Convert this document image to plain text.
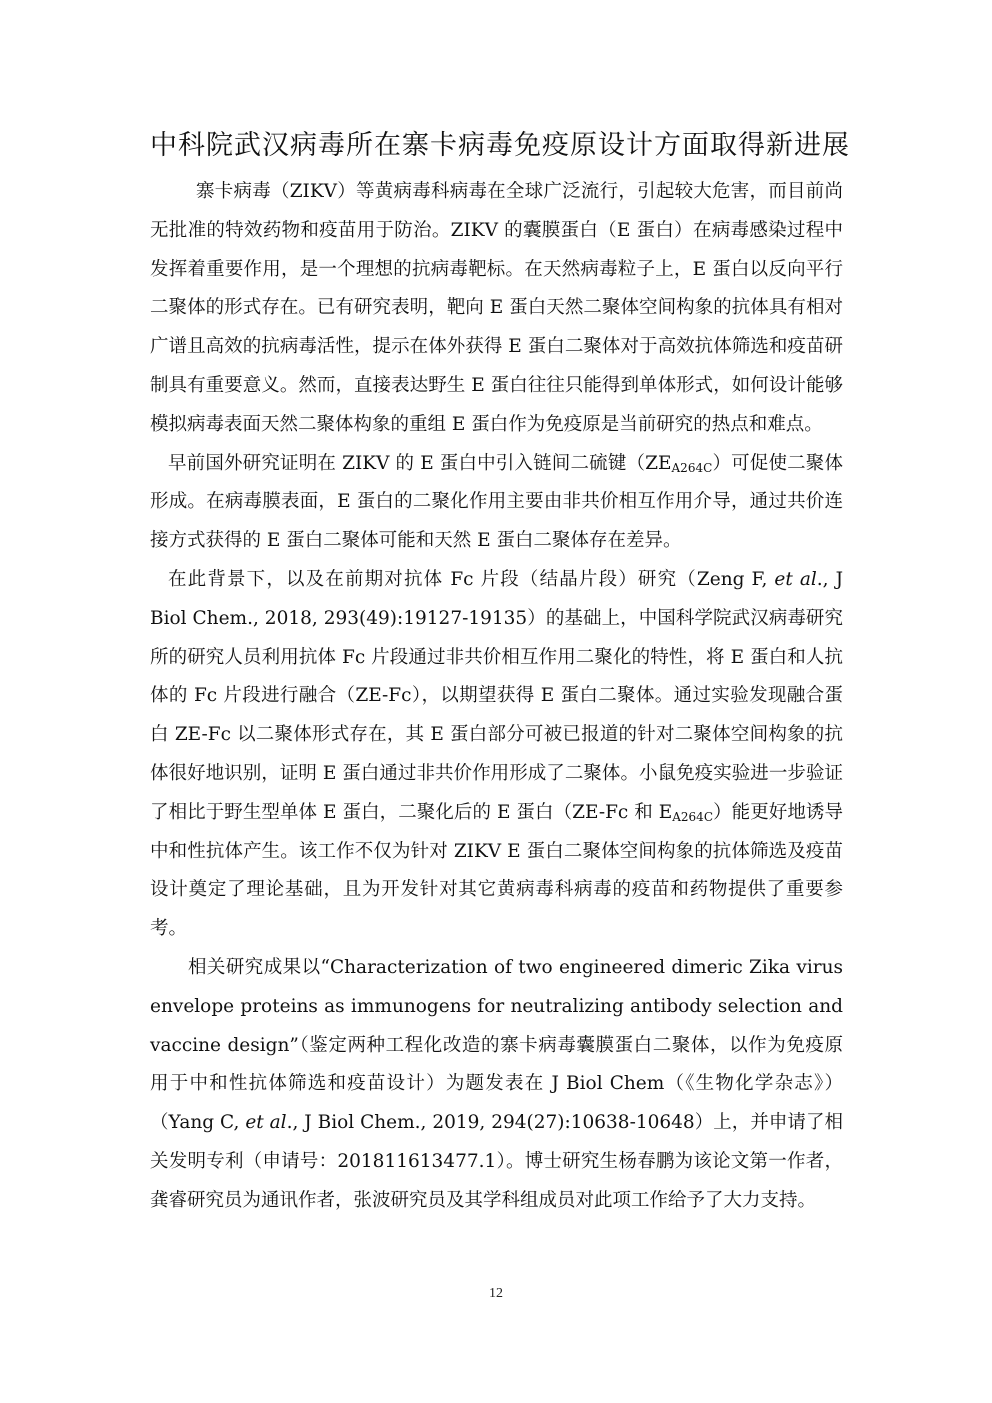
中科院武汉病毒所在寨卡病毒免疫原设计方面取得新进展

寨卡病毒（ZIKV）等黄病毒科病毒在全球广泛流行，引起较大危害，而目前尚无批准的特效药物和疫苗用于防治。ZIKV 的囊膜蛋白（E 蛋白）在病毒感染过程中发挥着重要作用，是一个理想的抗病毒靶标。在天然病毒粒子上，E 蛋白以反向平行二聚体的形式存在。已有研究表明，靶向 E 蛋白天然二聚体空间构象的抗体具有相对广谱且高效的抗病毒活性，提示在体外获得 E 蛋白二聚体对于高效抗体筛选和疫苗研制具有重要意义。然而，直接表达野生 E 蛋白往往只能得到单体形式，如何设计能够模拟病毒表面天然二聚体构象的重组 E 蛋白作为免疫原是当前研究的热点和难点。

早前国外研究证明在 ZIKV 的 E 蛋白中引入链间二硫键$(ZE_{A264C})$可促使二聚体形成。在病毒膜表面，E 蛋白的二聚化作用主要由非共价相互作用介导，通过共价连接方式获得的 E 蛋白二聚体可能和天然 E 蛋白二聚体存在差异。

在此背景下，以及在前期对抗体 Fc 片段（结晶片段）研究（Zeng F, et al., J Biol Chem., 2018, 293(49):19127-19135）的基础上，中国科学院武汉病毒研究所的研究人员利用抗体 Fc 片段通过非共价相互作用二聚化的特性，将 E 蛋白和人抗体的 Fc 片段进行融合（ZE-Fc），以期望获得 E 蛋白二聚体。通过实验发现融合蛋白 ZE-Fc 以二聚体形式存在，其 E 蛋白部分可被已报道的针对二聚体空间构象的抗体很好地识别，证明 E 蛋白通过非共价作用形成了二聚体。小鼠免疫实验进一步验证了相比于野生型单体 E 蛋白，二聚化后的 E 蛋白（ZE-Fc 和 $E_{A264C}$）能更好地诱导中和性抗体产生。该工作不仅为针对 ZIKV E 蛋白二聚体空间构象的抗体筛选及疫苗设计奠定了理论基础，且为开发针对其它黄病毒科病毒的疫苗和药物提供了重要参考。

相关研究成果以“Characterization of two engineered dimeric Zika virus envelope proteins as immunogens for neutralizing antibody selection and vaccine design”（鉴定两种工程化改造的寨卡病毒囊膜蛋白二聚体，以作为免疫原用于中和性抗体筛选和疫苗设计）为题发表在 J Biol Chem（《生物化学杂志》）（Yang C, et al., J Biol Chem., 2019, 294(27):10638-10648）上，并申请了相关发明专利（申请号：201811613477.1）。博士研究生杨春鹏为该论文第一作者，龚睿研究员为通讯作者，张波研究员及其学科组成员对此项工作给予了大力支持。

12
